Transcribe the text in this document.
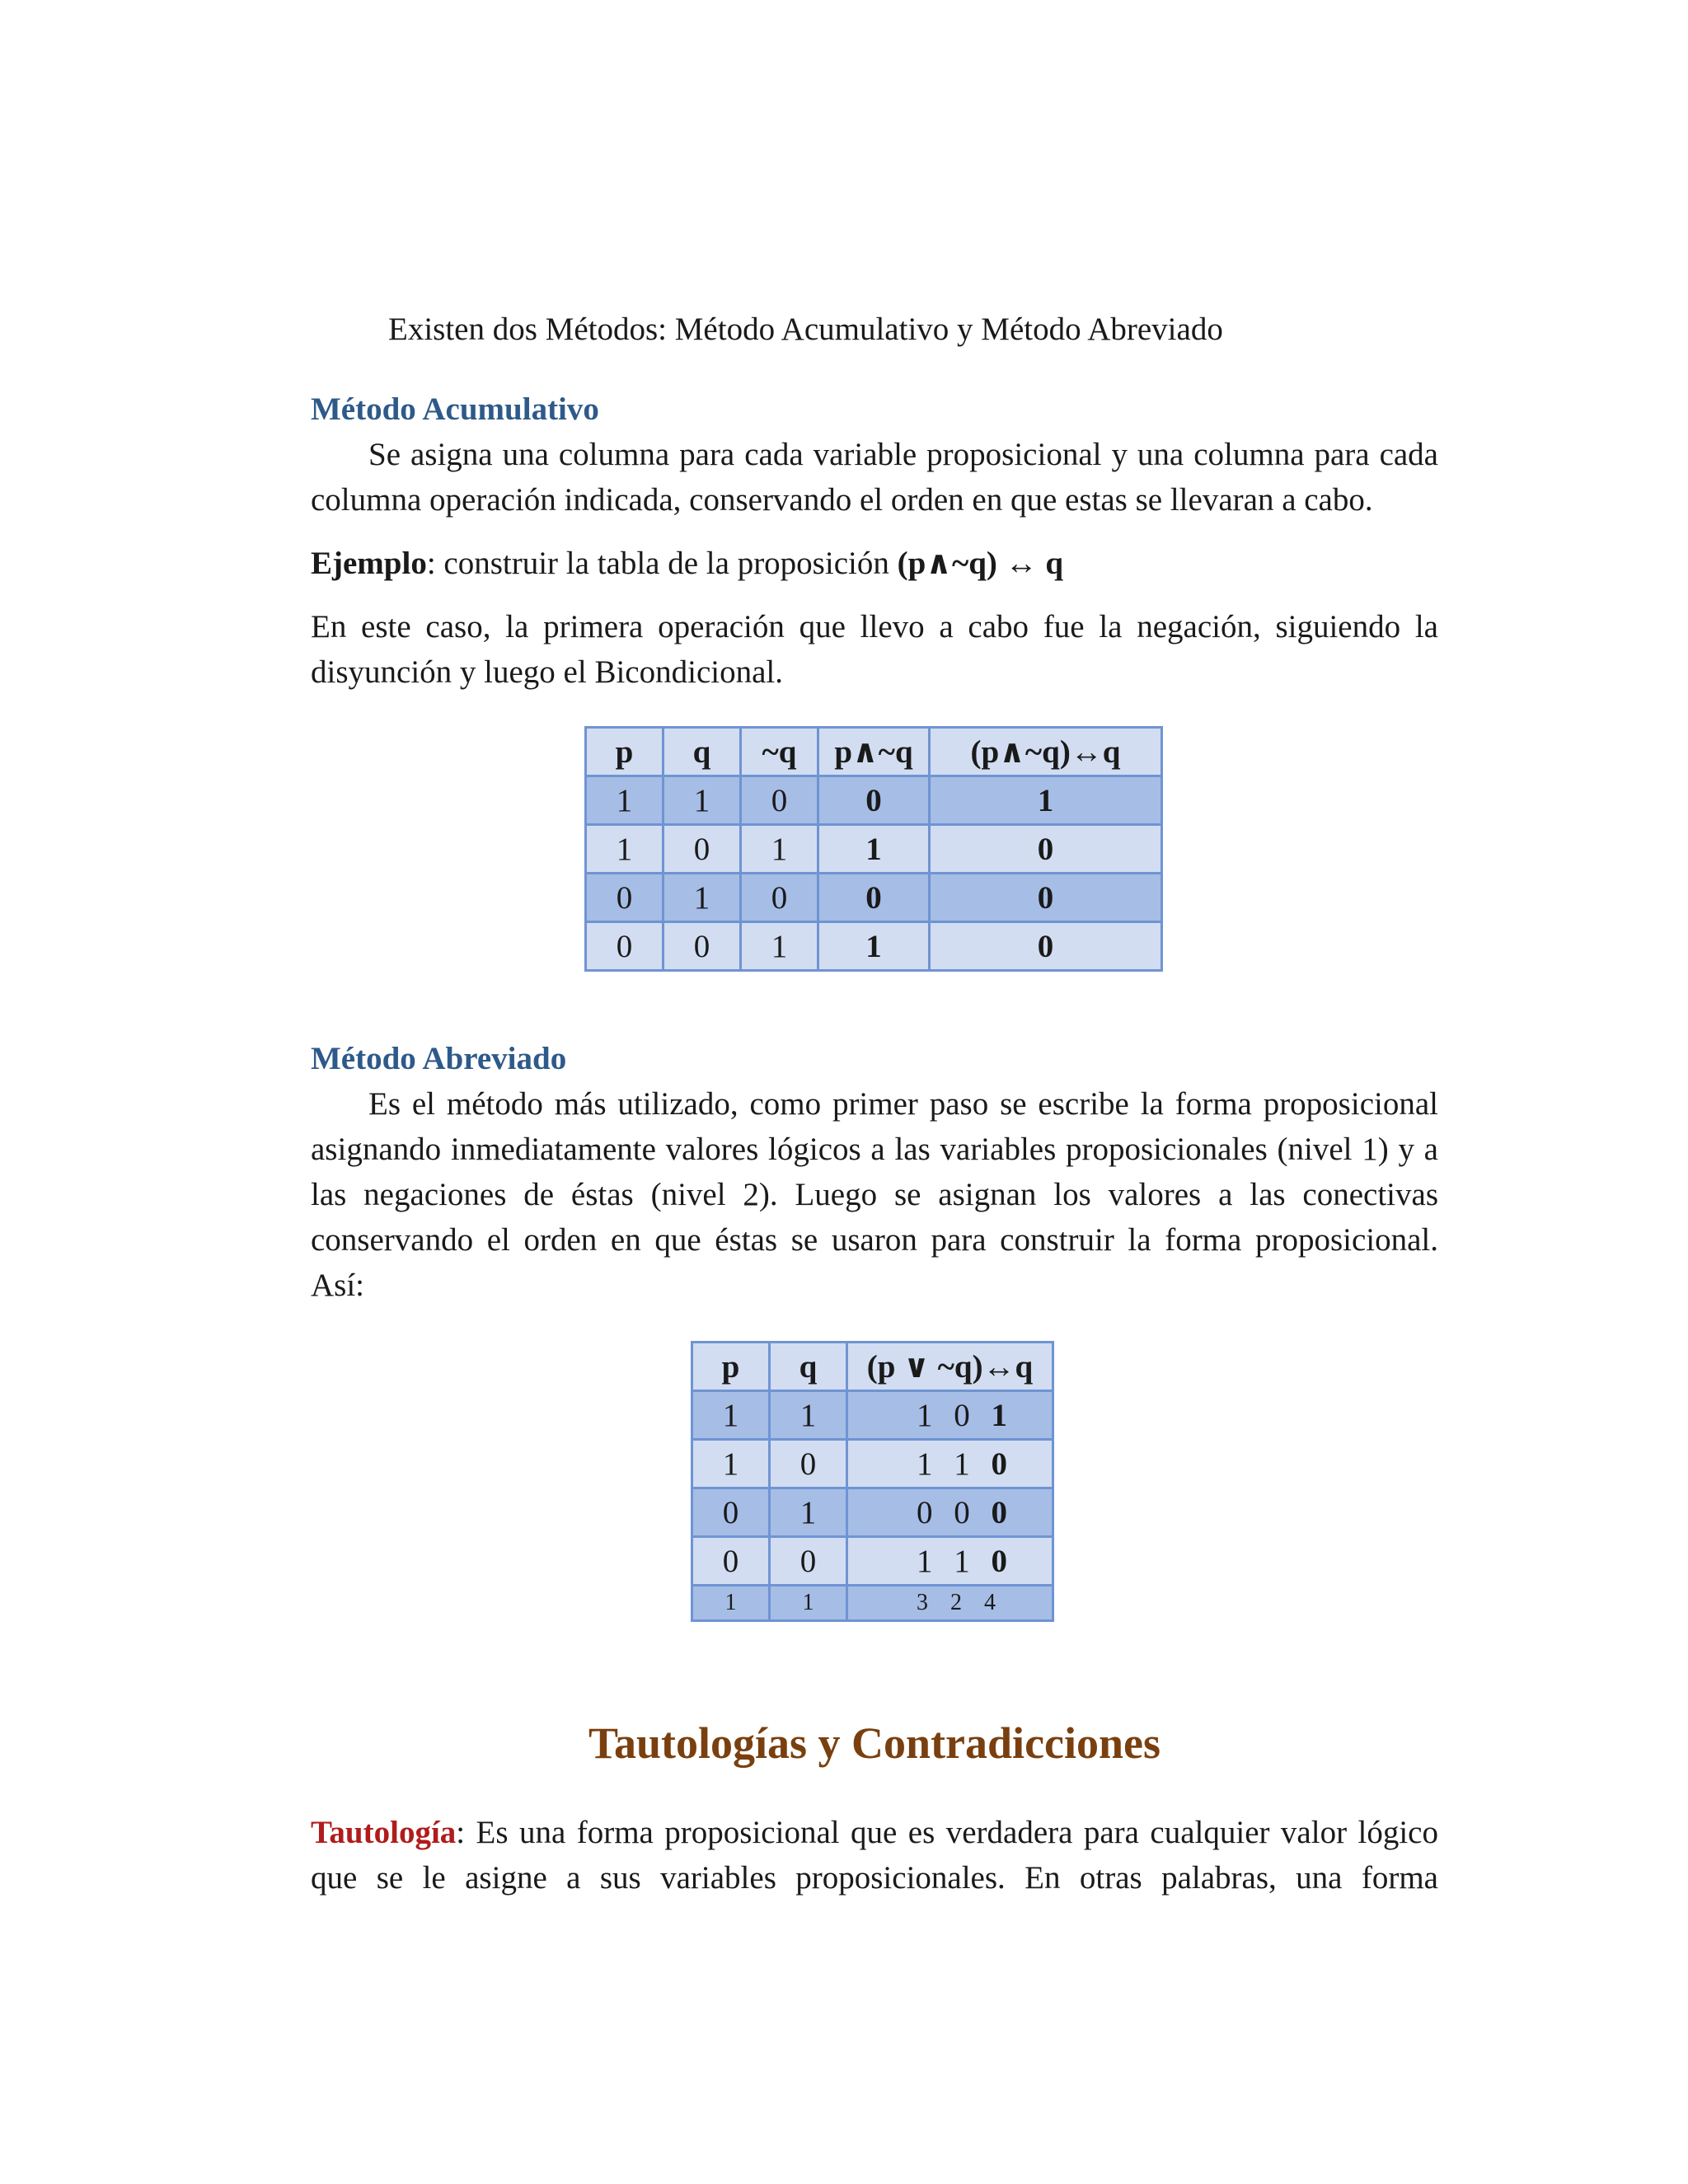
Existen dos Métodos: Método Acumulativo y Método Abreviado

Método Acumulativo

Se asigna una columna para cada variable proposicional y una columna para cada columna operación indicada, conservando el orden en que estas se llevaran a cabo.

Ejemplo: construir la tabla de la proposición (p∧~q) ↔ q

En este caso, la primera operación que llevo a cabo fue la negación, siguiendo la disyunción y luego el Bicondicional.

p	q	~q	p∧~q	(p∧~q)↔q
1	1	0	0	1
1	0	1	1	0
0	1	0	0	0
0	0	1	1	0
Método Abreviado

Es el método más utilizado, como primer paso se escribe la forma proposicional asignando inmediatamente valores lógicos a las variables proposicionales (nivel 1) y a las negaciones de éstas (nivel 2). Luego se asignan los valores a las conectivas conservando el orden en que éstas se usaron para construir la forma proposicional.

Así:

p	q	(p ∨ ~q)↔q
1	1	1 0 1
1	0	1 1 0
0	1	0 0 0
0	0	1 1 0
1	1	3 2 4
Tautologías y Contradicciones

Tautología: Es una forma proposicional que es verdadera para cualquier valor lógico que se le asigne a sus variables proposicionales. En otras palabras, una forma
